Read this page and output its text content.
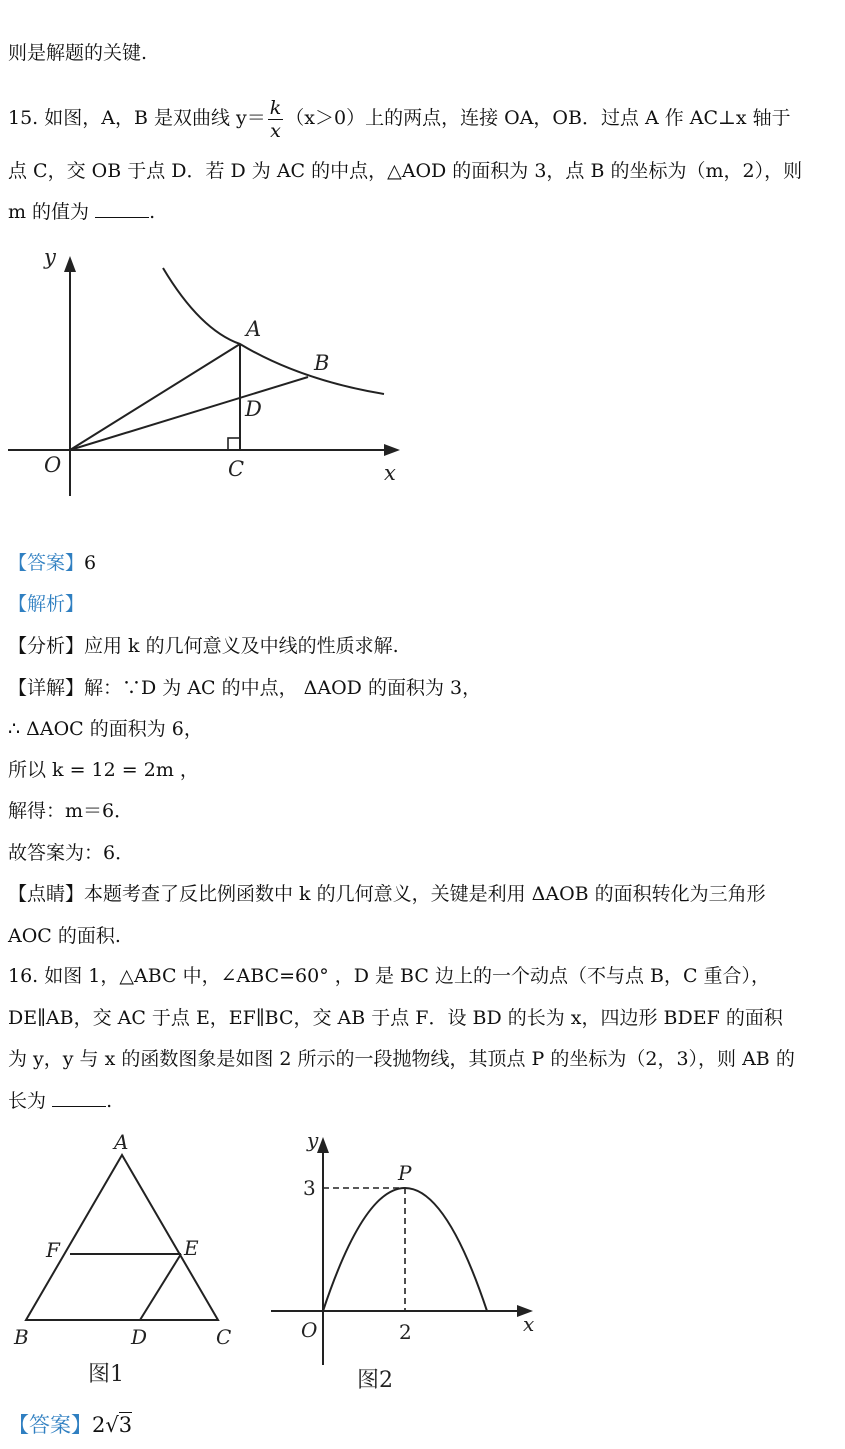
则是解题的关键.
15. 如图，A，B 是双曲线 $y= \frac{k}{x} (x>0)$上的两点，连接 OA，OB．过点 A 作 AC⊥x 轴于
点 C，交 OB 于点 D．若 D 为 AC 的中点，△AOD 的面积为 3，点 B 的坐标为（m，2），则
m 的值为	.
y
A
B
D
O	C	x
【答案】6
【解析】
【分析】应用 k 的几何意义及中线的性质求解.
【详解】解：∵D 为 AC 的中点， ΔAOD 的面积为 3，
∴ ΔAOC 的面积为 6，
所以 k = 12 = 2m ，
解得：m＝6．
故答案为：6．
【点睛】本题考查了反比例函数中 k 的几何意义，关键是利用 ΔAOB 的面积转化为三角形
AOC 的面积.
16. 如图 1，△ABC 中，∠ABC=60° ，D 是 BC 边上的一个动点（不与点 B，C 重合），
DE∥AB，交 AC 于点 E，EF∥BC，交 AB 于点 F．设 BD 的长为 x，四边形 BDEF 的面积
为 y，y 与 x 的函数图象是如图 2 所示的一段抛物线，其顶点 P 的坐标为（2，3），则 AB 的
长为	.
A
F	E
B	D	C
图1
y
P
3
O	2	x
图2
【答案】2√3
